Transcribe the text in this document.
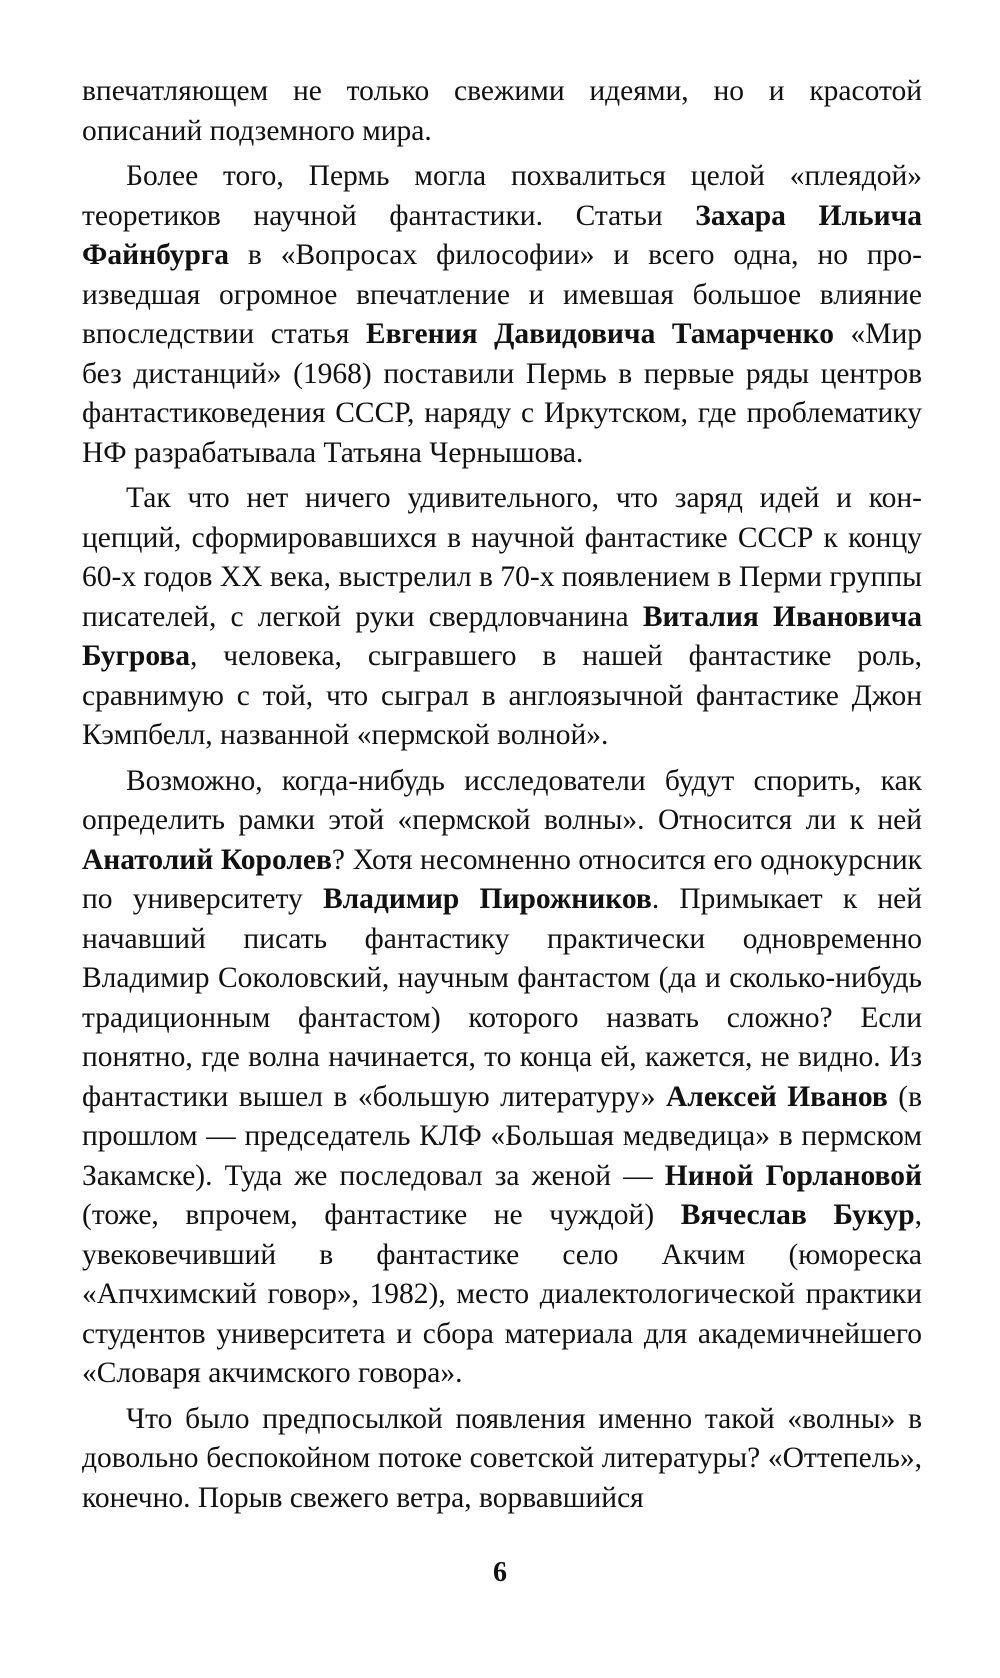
впечатляющем не только свежими идеями, но и красотой описаний подземного мира.

Более того, Пермь могла похвалиться целой «плеядой» теоретиков научной фантастики. Статьи Захара Ильича Файнбурга в «Вопросах философии» и всего одна, но произведшая огромное впечатление и имевшая большое влияние впоследствии статья Евгения Давидовича Тамарченко «Мир без дистанций» (1968) поставили Пермь в первые ряды центров фантастиковедения СССР, наряду с Иркутском, где проблематику НФ разрабатывала Татьяна Чернышова.

Так что нет ничего удивительного, что заряд идей и концепций, сформировавшихся в научной фантастике СССР к концу 60-х годов XX века, выстрелил в 70-х появлением в Перми группы писателей, с легкой руки свердловчанина Виталия Ивановича Бугрова, человека, сыгравшего в нашей фантастике роль, сравнимую с той, что сыграл в англоязычной фантастике Джон Кэмпбелл, названной «пермской волной».

Возможно, когда-нибудь исследователи будут спорить, как определить рамки этой «пермской волны». Относится ли к ней Анатолий Королев? Хотя несомненно относится его однокурсник по университету Владимир Пирожников. Примыкает к ней начавший писать фантастику практически одновременно Владимир Соколовский, научным фантастом (да и сколько-нибудь традиционным фантастом) которого назвать сложно? Если понятно, где волна начинается, то конца ей, кажется, не видно. Из фантастики вышел в «большую литературу» Алексей Иванов (в прошлом — председатель КЛФ «Большая медведица» в пермском Закамске). Туда же последовал за женой — Ниной Горлановой (тоже, впрочем, фантастике не чуждой) Вячеслав Букур, увековечивший в фантастике село Акчим (юмореска «Апчхимский говор», 1982), место диалектологической практики студентов университета и сбора материала для академичнейшего «Словаря акчимского говора».

Что было предпосылкой появления именно такой «волны» в довольно беспокойном потоке советской литературы? «Оттепель», конечно. Порыв свежего ветра, ворвавшийся

6
